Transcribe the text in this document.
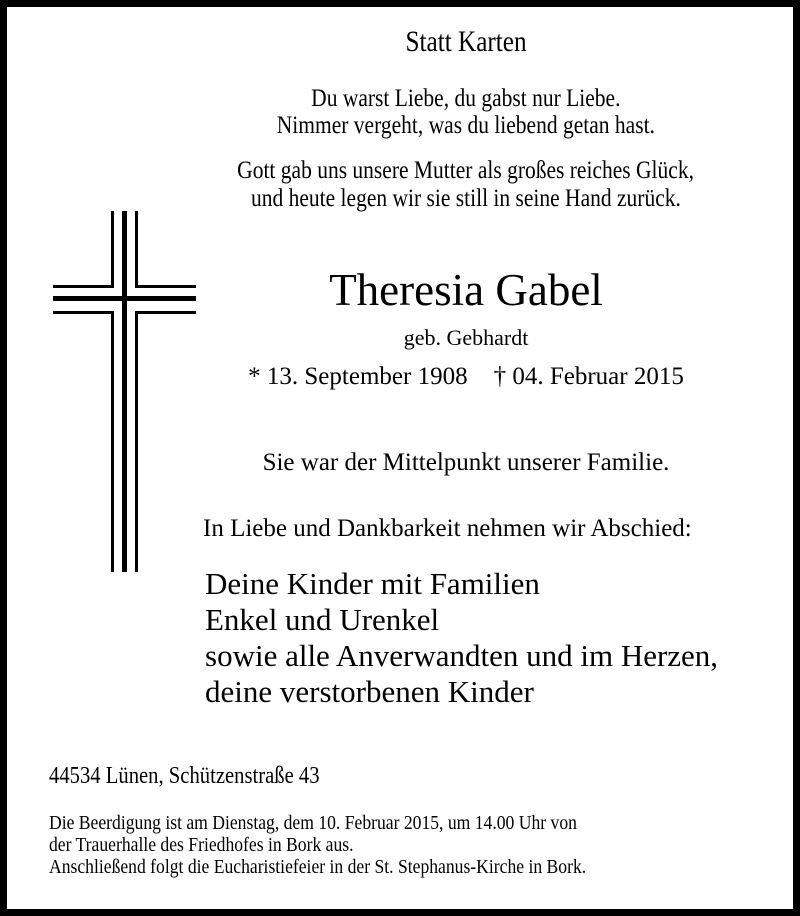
Statt Karten
Du warst Liebe, du gabst nur Liebe.
Nimmer vergeht, was du liebend getan hast.
Gott gab uns unsere Mutter als großes reiches Glück,
und heute legen wir sie still in seine Hand zurück.
Theresia Gabel
geb. Gebhardt
* 13. September 1908 † 04. Februar 2015
Sie war der Mittelpunkt unserer Familie.
In Liebe und Dankbarkeit nehmen wir Abschied:
Deine Kinder mit Familien
Enkel und Urenkel
sowie alle Anverwandten und im Herzen,
deine verstorbenen Kinder
44534 Lünen, Schützenstraße 43
Die Beerdigung ist am Dienstag, dem 10. Februar 2015, um 14.00 Uhr von
der Trauerhalle des Friedhofes in Bork aus.
Anschließend folgt die Eucharistiefeier in der St. Stephanus-Kirche in Bork.
